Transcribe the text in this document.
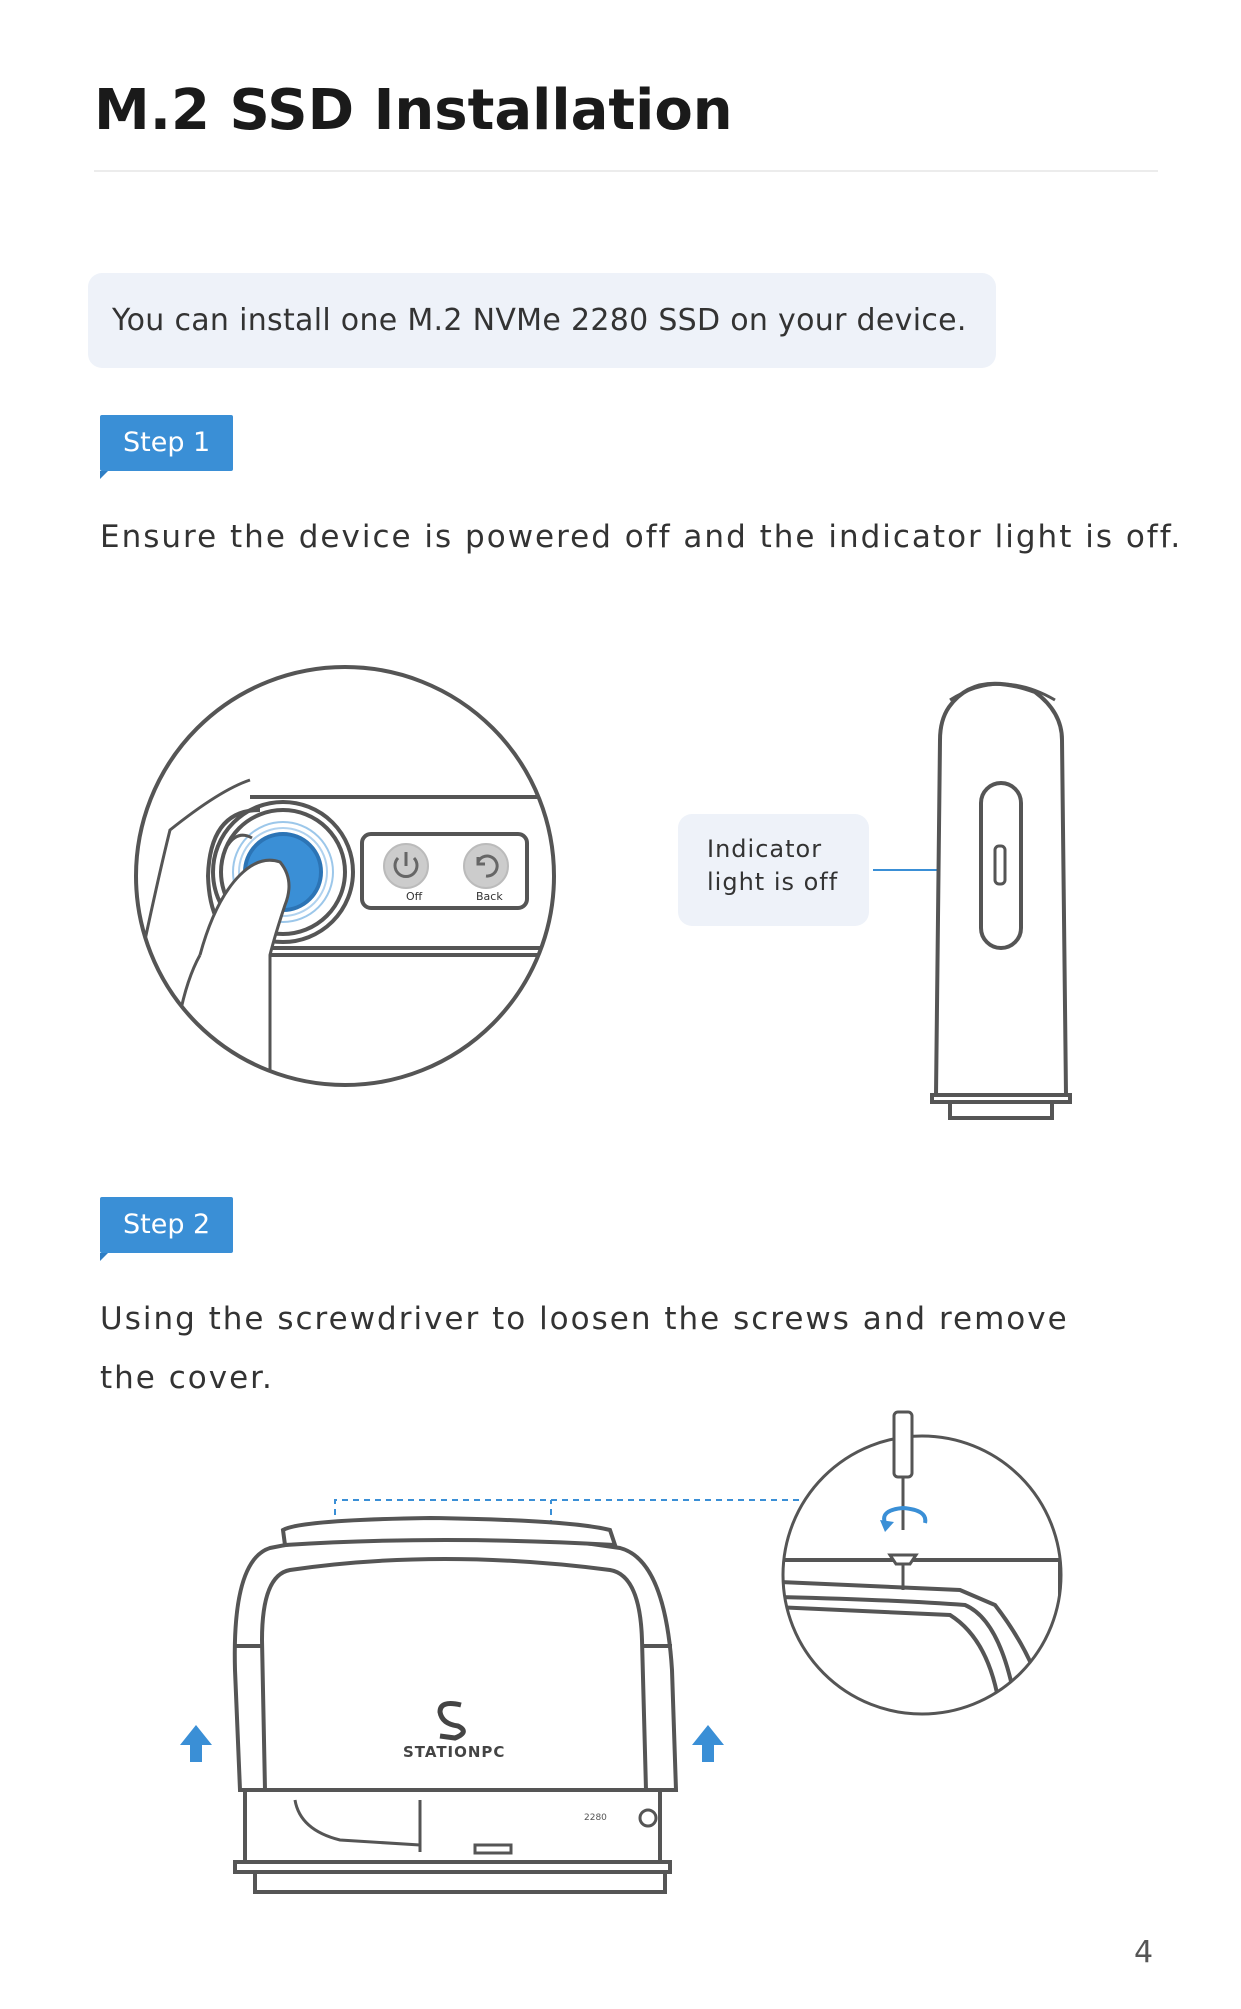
M.2 SSD Installation
You can install one M.2 NVMe 2280 SSD on your device.
Step 1

Ensure the device is powered off and the indicator light is off.

Off	Back
Indicator
light is off
Step 2
Using the screwdriver to loosen the screws and remove
the cover.
STATIONPC
2280
4
